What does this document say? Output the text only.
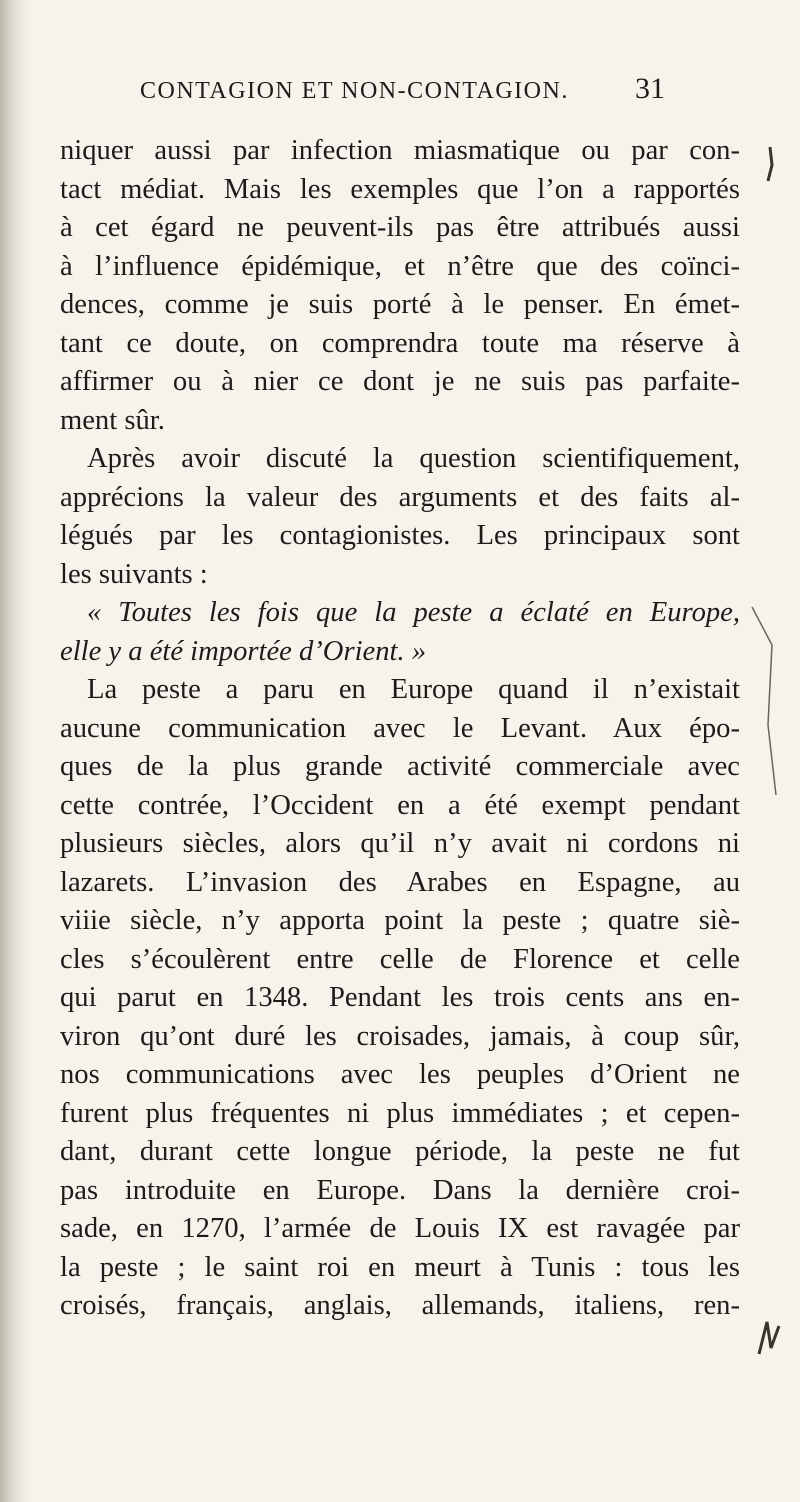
CONTAGION ET NON-CONTAGION. 31
niquer aussi par infection miasmatique ou par con-
tact médiat. Mais les exemples que l’on a rapportés
à cet égard ne peuvent-ils pas être attribués aussi
à l’influence épidémique, et n’être que des coïnci-
dences, comme je suis porté à le penser. En émet-
tant ce doute, on comprendra toute ma réserve à
affirmer ou à nier ce dont je ne suis pas parfaite-
ment sûr.
Après avoir discuté la question scientifiquement,
apprécions la valeur des arguments et des faits al-
légués par les contagionistes. Les principaux sont
les suivants :
« Toutes les fois que la peste a éclaté en Europe,
elle y a été importée d’Orient. »
La peste a paru en Europe quand il n’existait
aucune communication avec le Levant. Aux épo-
ques de la plus grande activité commerciale avec
cette contrée, l’Occident en a été exempt pendant
plusieurs siècles, alors qu’il n’y avait ni cordons ni
lazarets. L’invasion des Arabes en Espagne, au
viiie siècle, n’y apporta point la peste ; quatre siè-
cles s’écoulèrent entre celle de Florence et celle
qui parut en 1348. Pendant les trois cents ans en-
viron qu’ont duré les croisades, jamais, à coup sûr,
nos communications avec les peuples d’Orient ne
furent plus fréquentes ni plus immédiates ; et cepen-
dant, durant cette longue période, la peste ne fut
pas introduite en Europe. Dans la dernière croi-
sade, en 1270, l’armée de Louis IX est ravagée par
la peste ; le saint roi en meurt à Tunis : tous les
croisés, français, anglais, allemands, italiens, ren-
